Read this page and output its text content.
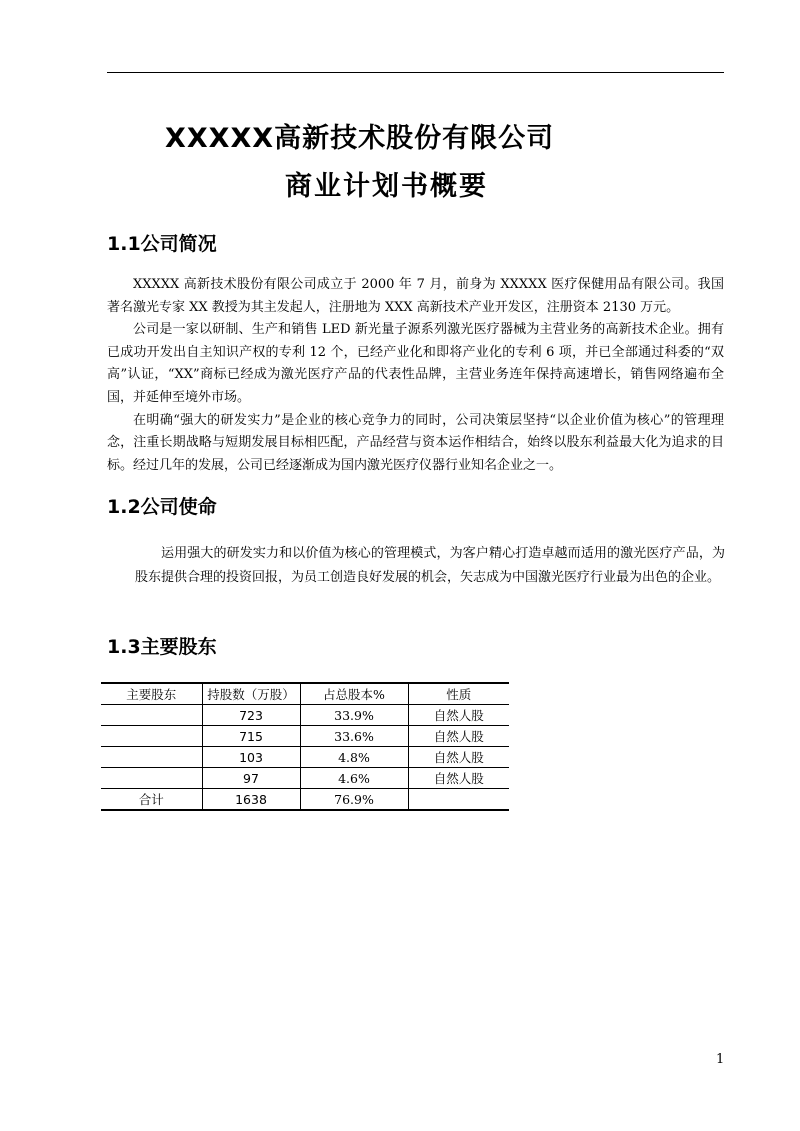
XXXXX高新技术股份有限公司
商业计划书概要
1.1公司简况

XXXXX 高新技术股份有限公司成立于 2000 年 7 月，前身为 XXXXX 医疗保健用品有限公司。我国著名激光专家 XX 教授为其主发起人，注册地为 XXX 高新技术产业开发区，注册资本 2130 万元。

公司是一家以研制、生产和销售 LED 新光量子源系列激光医疗器械为主营业务的高新技术企业。拥有已成功开发出自主知识产权的专利 12 个，已经产业化和即将产业化的专利 6 项，并已全部通过科委的“双高”认证，“XX”商标已经成为激光医疗产品的代表性品牌，主营业务连年保持高速增长，销售网络遍布全国，并延伸至境外市场。

在明确“强大的研发实力”是企业的核心竞争力的同时，公司决策层坚持“以企业价值为核心”的管理理念，注重长期战略与短期发展目标相匹配，产品经营与资本运作相结合，始终以股东利益最大化为追求的目标。经过几年的发展，公司已经逐渐成为国内激光医疗仪器行业知名企业之一。

1.2公司使命

运用强大的研发实力和以价值为核心的管理模式，为客户精心打造卓越而适用的激光医疗产品，为股东提供合理的投资回报，为员工创造良好发展的机会，矢志成为中国激光医疗行业最为出色的企业。

1.3主要股东
主要股东	持股数（万股）	占总股本%	性质
	723	33.9%	自然人股
	715	33.6%	自然人股
	103	4.8%	自然人股
	97	4.6%	自然人股
合计	1638	76.9%	
1
